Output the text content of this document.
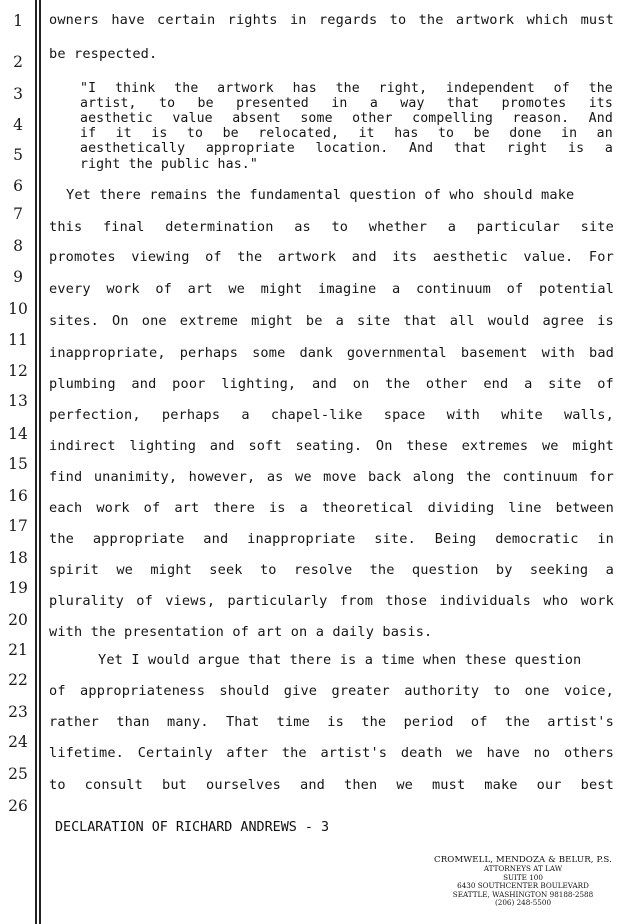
1
2
3
4
5
6
7
8
9
10
11
12
13
14
15
16
17
18
19
20
21
22
23
24
25
26
owners have certain rights in regards to the artwork which must
be respected.
"I think the artwork has the right, independent of the
artist, to be presented in a way that promotes its
aesthetic value absent some other compelling reason. And
if it is to be relocated, it has to be done in an
aesthetically appropriate location. And that right is a
right the public has."
Yet there remains the fundamental question of who should make
this final determination as to whether a particular site
promotes viewing of the artwork and its aesthetic value. For
every work of art we might imagine a continuum of potential
sites. On one extreme might be a site that all would agree is
inappropriate, perhaps some dank governmental basement with bad
plumbing and poor lighting, and on the other end a site of
perfection, perhaps a chapel-like space with white walls,
indirect lighting and soft seating. On these extremes we might
find unanimity, however, as we move back along the continuum for
each work of art there is a theoretical dividing line between
the appropriate and inappropriate site. Being democratic in
spirit we might seek to resolve the question by seeking a
plurality of views, particularly from those individuals who work
with the presentation of art on a daily basis.
Yet I would argue that there is a time when these question
of appropriateness should give greater authority to one voice,
rather than many. That time is the period of the artist's
lifetime. Certainly after the artist's death we have no others
to consult but ourselves and then we must make our best
DECLARATION OF RICHARD ANDREWS - 3
CROMWELL, MENDOZA & BELUR, P.S.
ATTORNEYS AT LAW
SUITE 100
6430 SOUTHCENTER BOULEVARD
SEATTLE, WASHINGTON 98188-2588
(206) 248-5500
